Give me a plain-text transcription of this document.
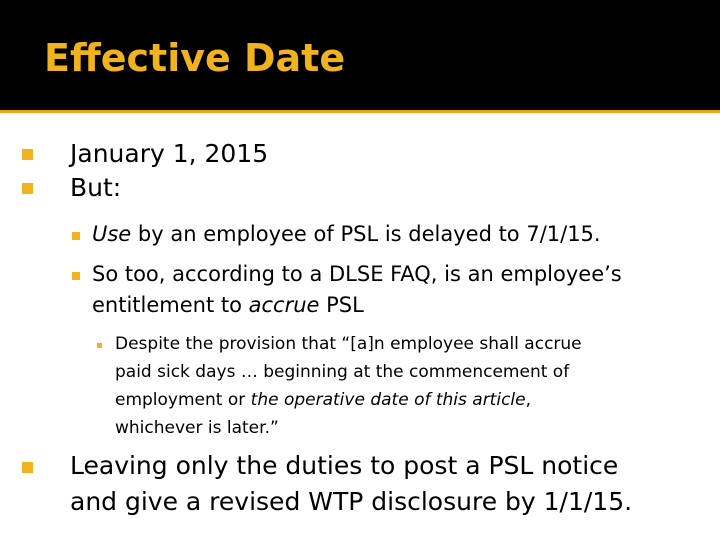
Effective Date
January 1, 2015
But:
Use by an employee of PSL is delayed to 7/1/15.
So too, according to a DLSE FAQ, is an employee’s
entitlement to accrue PSL
Despite the provision that “[a]n employee shall accrue
paid sick days … beginning at the commencement of
employment or the operative date of this article,
whichever is later.”
Leaving only the duties to post a PSL notice
and give a revised WTP disclosure by 1/1/15.
